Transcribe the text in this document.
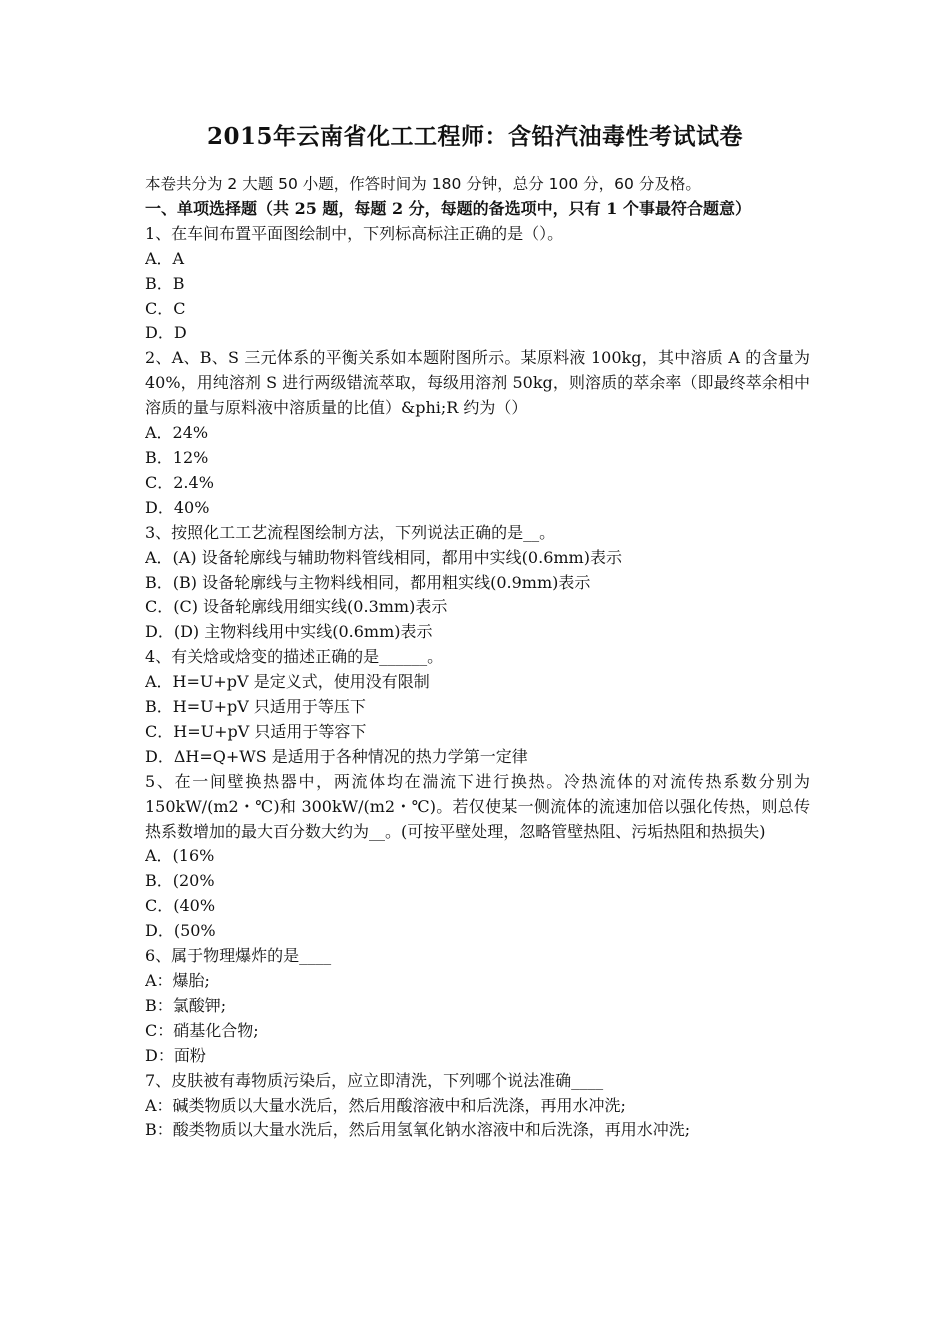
2015年云南省化工工程师：含铅汽油毒性考试试卷
本卷共分为 2 大题 50 小题，作答时间为 180 分钟，总分 100 分，60 分及格。
一、单项选择题（共 25 题，每题 2 分，每题的备选项中，只有 1 个事最符合题意）
1、在车间布置平面图绘制中，下列标高标注正确的是（）。
A．A
B．B
C．C
D．D
2、A、B、S 三元体系的平衡关系如本题附图所示。某原料液 100kg，其中溶质 A 的含量为 40%，用纯溶剂 S 进行两级错流萃取，每级用溶剂 50kg，则溶质的萃余率（即最终萃余相中溶质的量与原料液中溶质量的比值）&phi;R 约为（）
A．24%
B．12%
C．2.4%
D．40%
3、按照化工工艺流程图绘制方法，下列说法正确的是__。
A．(A) 设备轮廓线与辅助物料管线相同，都用中实线(0.6mm)表示
B．(B) 设备轮廓线与主物料线相同，都用粗实线(0.9mm)表示
C．(C) 设备轮廓线用细实线(0.3mm)表示
D．(D) 主物料线用中实线(0.6mm)表示
4、有关焓或焓变的描述正确的是______。
A．H=U+pV 是定义式，使用没有限制
B．H=U+pV 只适用于等压下
C．H=U+pV 只适用于等容下
D．ΔH=Q+WS 是适用于各种情况的热力学第一定律
5、在一间壁换热器中，两流体均在湍流下进行换热。冷热流体的对流传热系数分别为 150kW/(m2・℃)和 300kW/(m2・℃)。若仅使某一侧流体的流速加倍以强化传热，则总传热系数增加的最大百分数大约为__。(可按平壁处理，忽略管壁热阻、污垢热阻和热损失)
A．(16%
B．(20%
C．(40%
D．(50%
6、属于物理爆炸的是____
A：爆胎;
B：氯酸钾;
C：硝基化合物;
D：面粉
7、皮肤被有毒物质污染后，应立即清洗，下列哪个说法准确____
A：碱类物质以大量水洗后，然后用酸溶液中和后洗涤，再用水冲洗;
B：酸类物质以大量水洗后，然后用氢氧化钠水溶液中和后洗涤，再用水冲洗;
